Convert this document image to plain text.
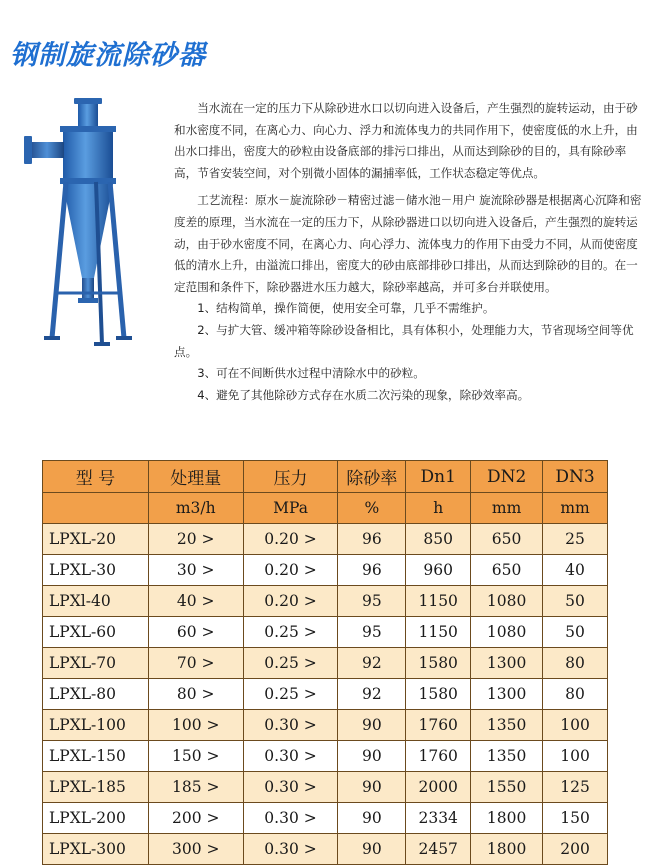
钢制旋流除砂器

当水流在一定的压力下从除砂进水口以切向进入设备后，产生强烈的旋转运动，由于砂和水密度不同，在离心力、向心力、浮力和流体曳力的共同作用下，使密度低的水上升，由出水口排出，密度大的砂粒由设备底部的排污口排出，从而达到除砂的目的，具有除砂率高，节省安装空间，对个别微小固体的漏捕率低，工作状态稳定等优点。

工艺流程：原水－旋流除砂－精密过滤－储水池－用户 旋流除砂器是根据离心沉降和密度差的原理，当水流在一定的压力下，从除砂器进口以切向进入设备后，产生强烈的旋转运动，由于砂水密度不同，在离心力、向心浮力、流体曳力的作用下由受力不同，从而使密度低的清水上升，由溢流口排出，密度大的砂由底部排砂口排出，从而达到除砂的目的。在一定范围和条件下，除砂器进水压力越大，除砂率越高，并可多台并联使用。

1、结构简单，操作简便，使用安全可靠，几乎不需维护。

2、与扩大管、缓冲箱等除砂设备相比，具有体积小，处理能力大，节省现场空间等优点。

3、可在不间断供水过程中清除水中的砂粒。

4、避免了其他除砂方式存在水质二次污染的现象，除砂效率高。

型 号	处理量	压力	除砂率	Dn1	DN2	DN3
	m3/h	MPa	%	h	mm	mm
LPXL-20	20 >	0.20 >	96	850	650	25
LPXL-30	30 >	0.20 >	96	960	650	40
LPXl-40	40 >	0.20 >	95	1150	1080	50
LPXL-60	60 >	0.25 >	95	1150	1080	50
LPXL-70	70 >	0.25 >	92	1580	1300	80
LPXL-80	80 >	0.25 >	92	1580	1300	80
LPXL-100	100 >	0.30 >	90	1760	1350	100
LPXL-150	150 >	0.30 >	90	1760	1350	100
LPXL-185	185 >	0.30 >	90	2000	1550	125
LPXL-200	200 >	0.30 >	90	2334	1800	150
LPXL-300	300 >	0.30 >	90	2457	1800	200
